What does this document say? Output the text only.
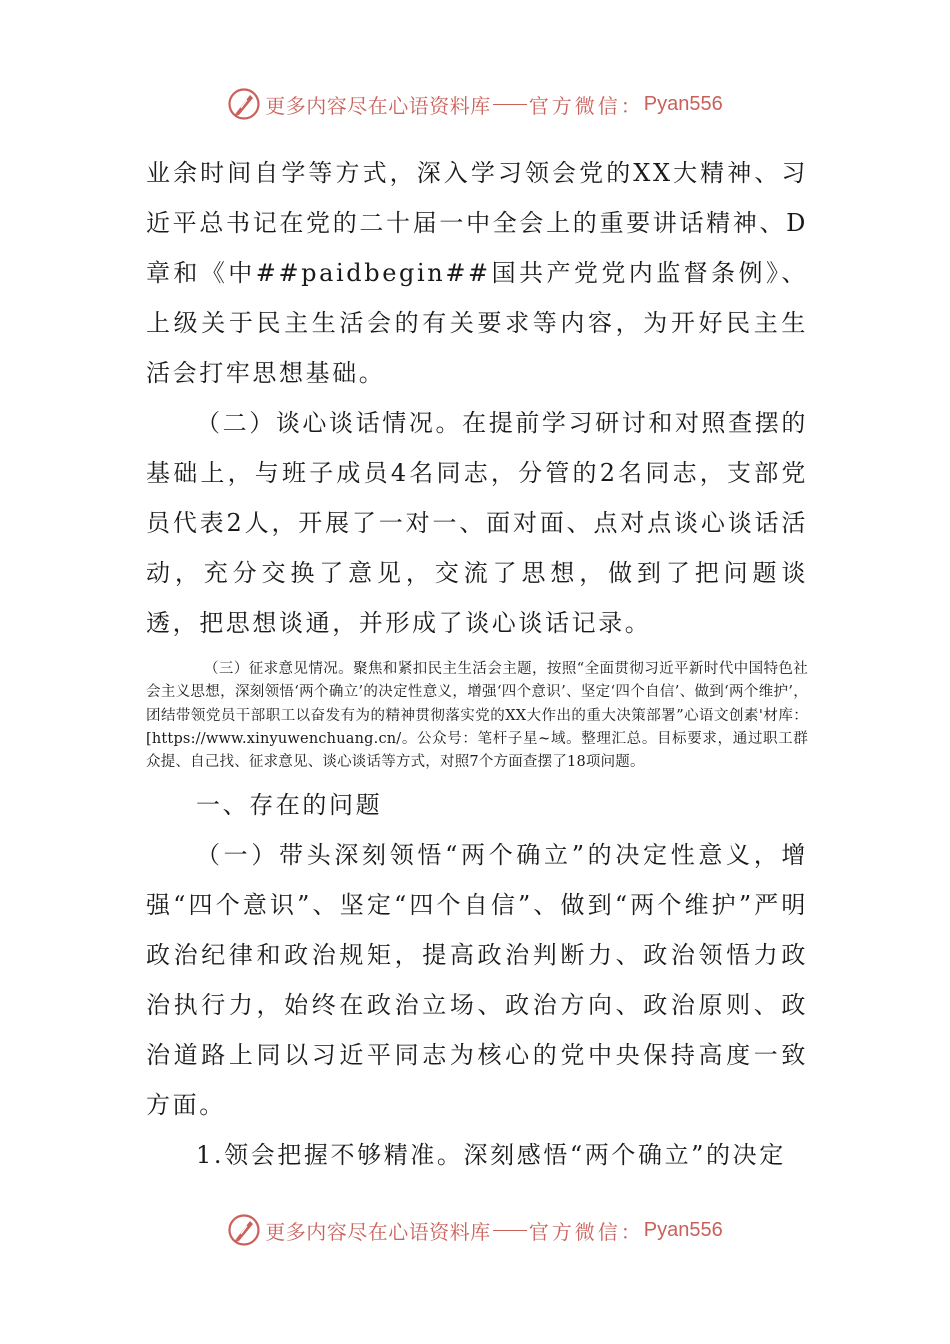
更多内容尽在心语资料库 官方微信： Pyan556

业余时间自学等方式，深入学习领会党的XX大精神、习近平总书记在党的二十届一中全会上的重要讲话精神、D章和《中##paidbegin##国共产党党内监督条例》、上级关于民主生活会的有关要求等内容，为开好民主生活会打牢思想基础。

（二）谈心谈话情况。在提前学习研讨和对照查摆的基础上，与班子成员4名同志，分管的2名同志，支部党员代表2人，开展了一对一、面对面、点对点谈心谈话活动，充分交换了意见，交流了思想，做到了把问题谈透，把思想谈通，并形成了谈心谈话记录。

（三）征求意见情况。聚焦和紧扣民主生活会主题，按照“全面贯彻习近平新时代中国特色社会主义思想，深刻领悟‘两个确立’的决定性意义，增强‘四个意识’、坚定‘四个自信’、做到‘两个维护’，团结带领党员干部职工以奋发有为的精神贯彻落实党的XX大作出的重大决策部署”心语文创素'材库：[https://www.xinyuwenchuang.cn/。公众号：笔杆子星~域。整理汇总。目标要求，通过职工群众提、自己找、征求意见、谈心谈话等方式，对照7个方面查摆了18项问题。

一、存在的问题

（一）带头深刻领悟“两个确立”的决定性意义，增强“四个意识”、坚定“四个自信”、做到“两个维护”严明政治纪律和政治规矩，提高政治判断力、政治领悟力政治执行力，始终在政治立场、政治方向、政治原则、政治道路上同以习近平同志为核心的党中央保持高度一致方面。

1.领会把握不够精准。深刻感悟“两个确立”的决定

更多内容尽在心语资料库 官方微信： Pyan556
